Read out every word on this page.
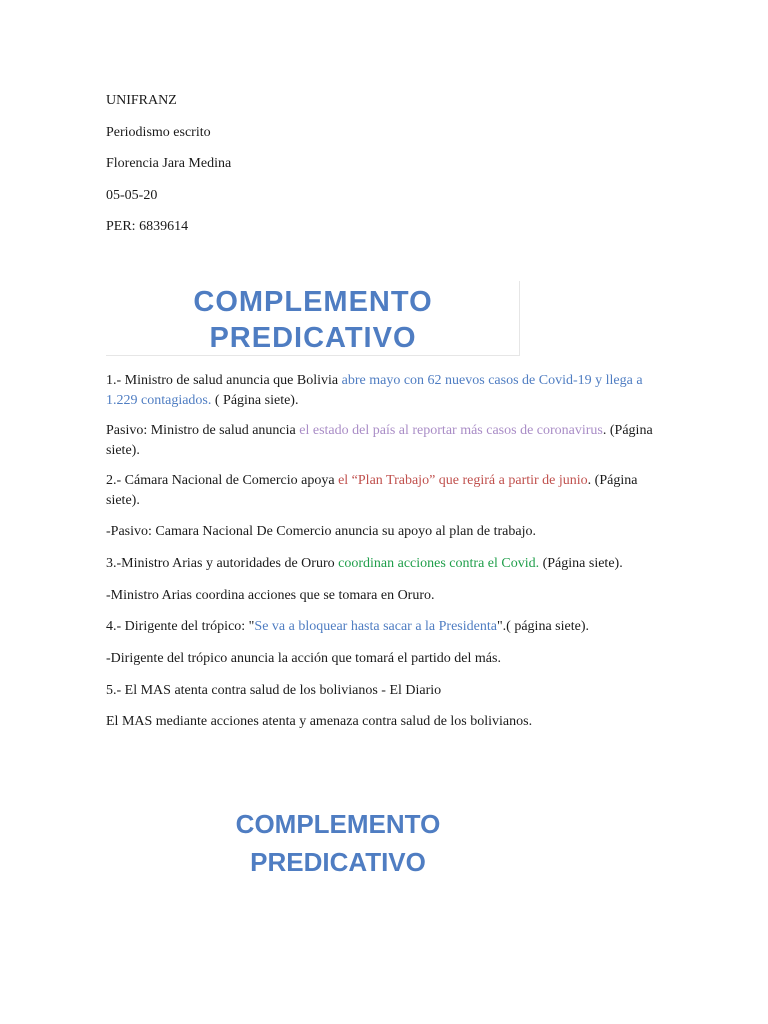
UNIFRANZ
Periodismo escrito
Florencia Jara Medina
05-05-20
PER: 6839614
COMPLEMENTO
PREDICATIVO
1.- Ministro de salud anuncia que Bolivia abre mayo con 62 nuevos casos de Covid-19 y llega a 1.229 contagiados. ( Página siete).
Pasivo: Ministro de salud anuncia el estado del país al reportar más casos de coronavirus. (Página siete).
2.- Cámara Nacional de Comercio apoya el “Plan Trabajo” que regirá a partir de junio. (Página siete).
-Pasivo: Camara Nacional De Comercio anuncia su apoyo al plan de trabajo.
3.-Ministro Arias y autoridades de Oruro coordinan acciones contra el Covid. (Página siete).
-Ministro Arias coordina acciones que se tomara en Oruro.
4.- Dirigente del trópico: "Se va a bloquear hasta sacar a la Presidenta".( página siete).
-Dirigente del trópico anuncia la acción que tomará el partido del más.
5.- El MAS atenta contra salud de los bolivianos - El Diario
El MAS mediante acciones atenta y amenaza contra salud de los bolivianos.
COMPLEMENTO
PREDICATIVO
